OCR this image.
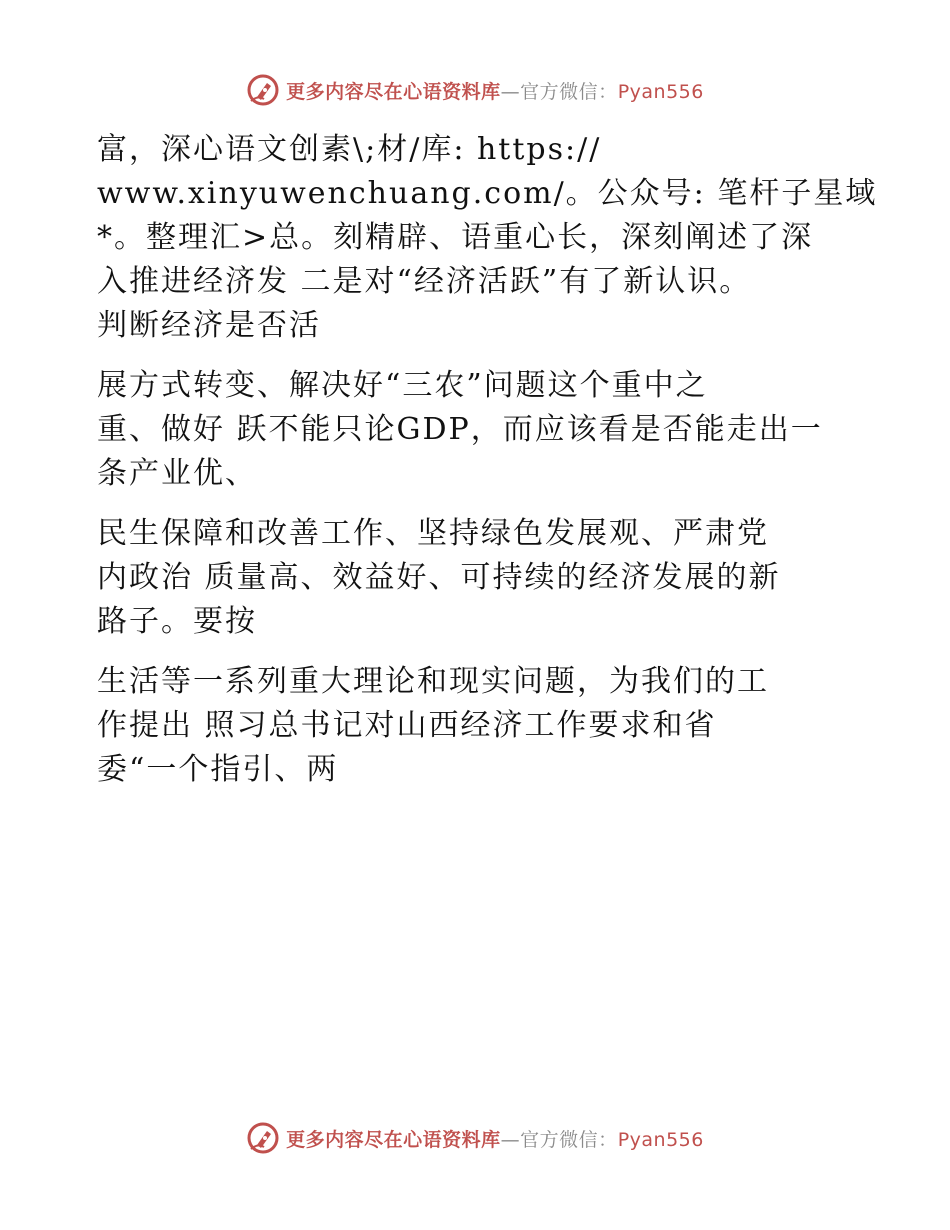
更多内容尽在心语资料库—官方微信：Pyan556

富，深心语文创素\;材/库: https://
www.xinyuwenchuang.com/。公众号: 笔杆子星域
*。整理汇>总。刻精辟、语重心长，深刻阐述了深
入推进经济发 二是对“经济活跃”有了新认识。
判断经济是否活

展方式转变、解决好“三农”问题这个重中之
重、做好 跃不能只论GDP，而应该看是否能走出一
条产业优、

民生保障和改善工作、坚持绿色发展观、严肃党
内政治 质量高、效益好、可持续的经济发展的新
路子。要按

生活等一系列重大理论和现实问题，为我们的工
作提出 照习总书记对山西经济工作要求和省
委“一个指引、两

更多内容尽在心语资料库—官方微信：Pyan556
